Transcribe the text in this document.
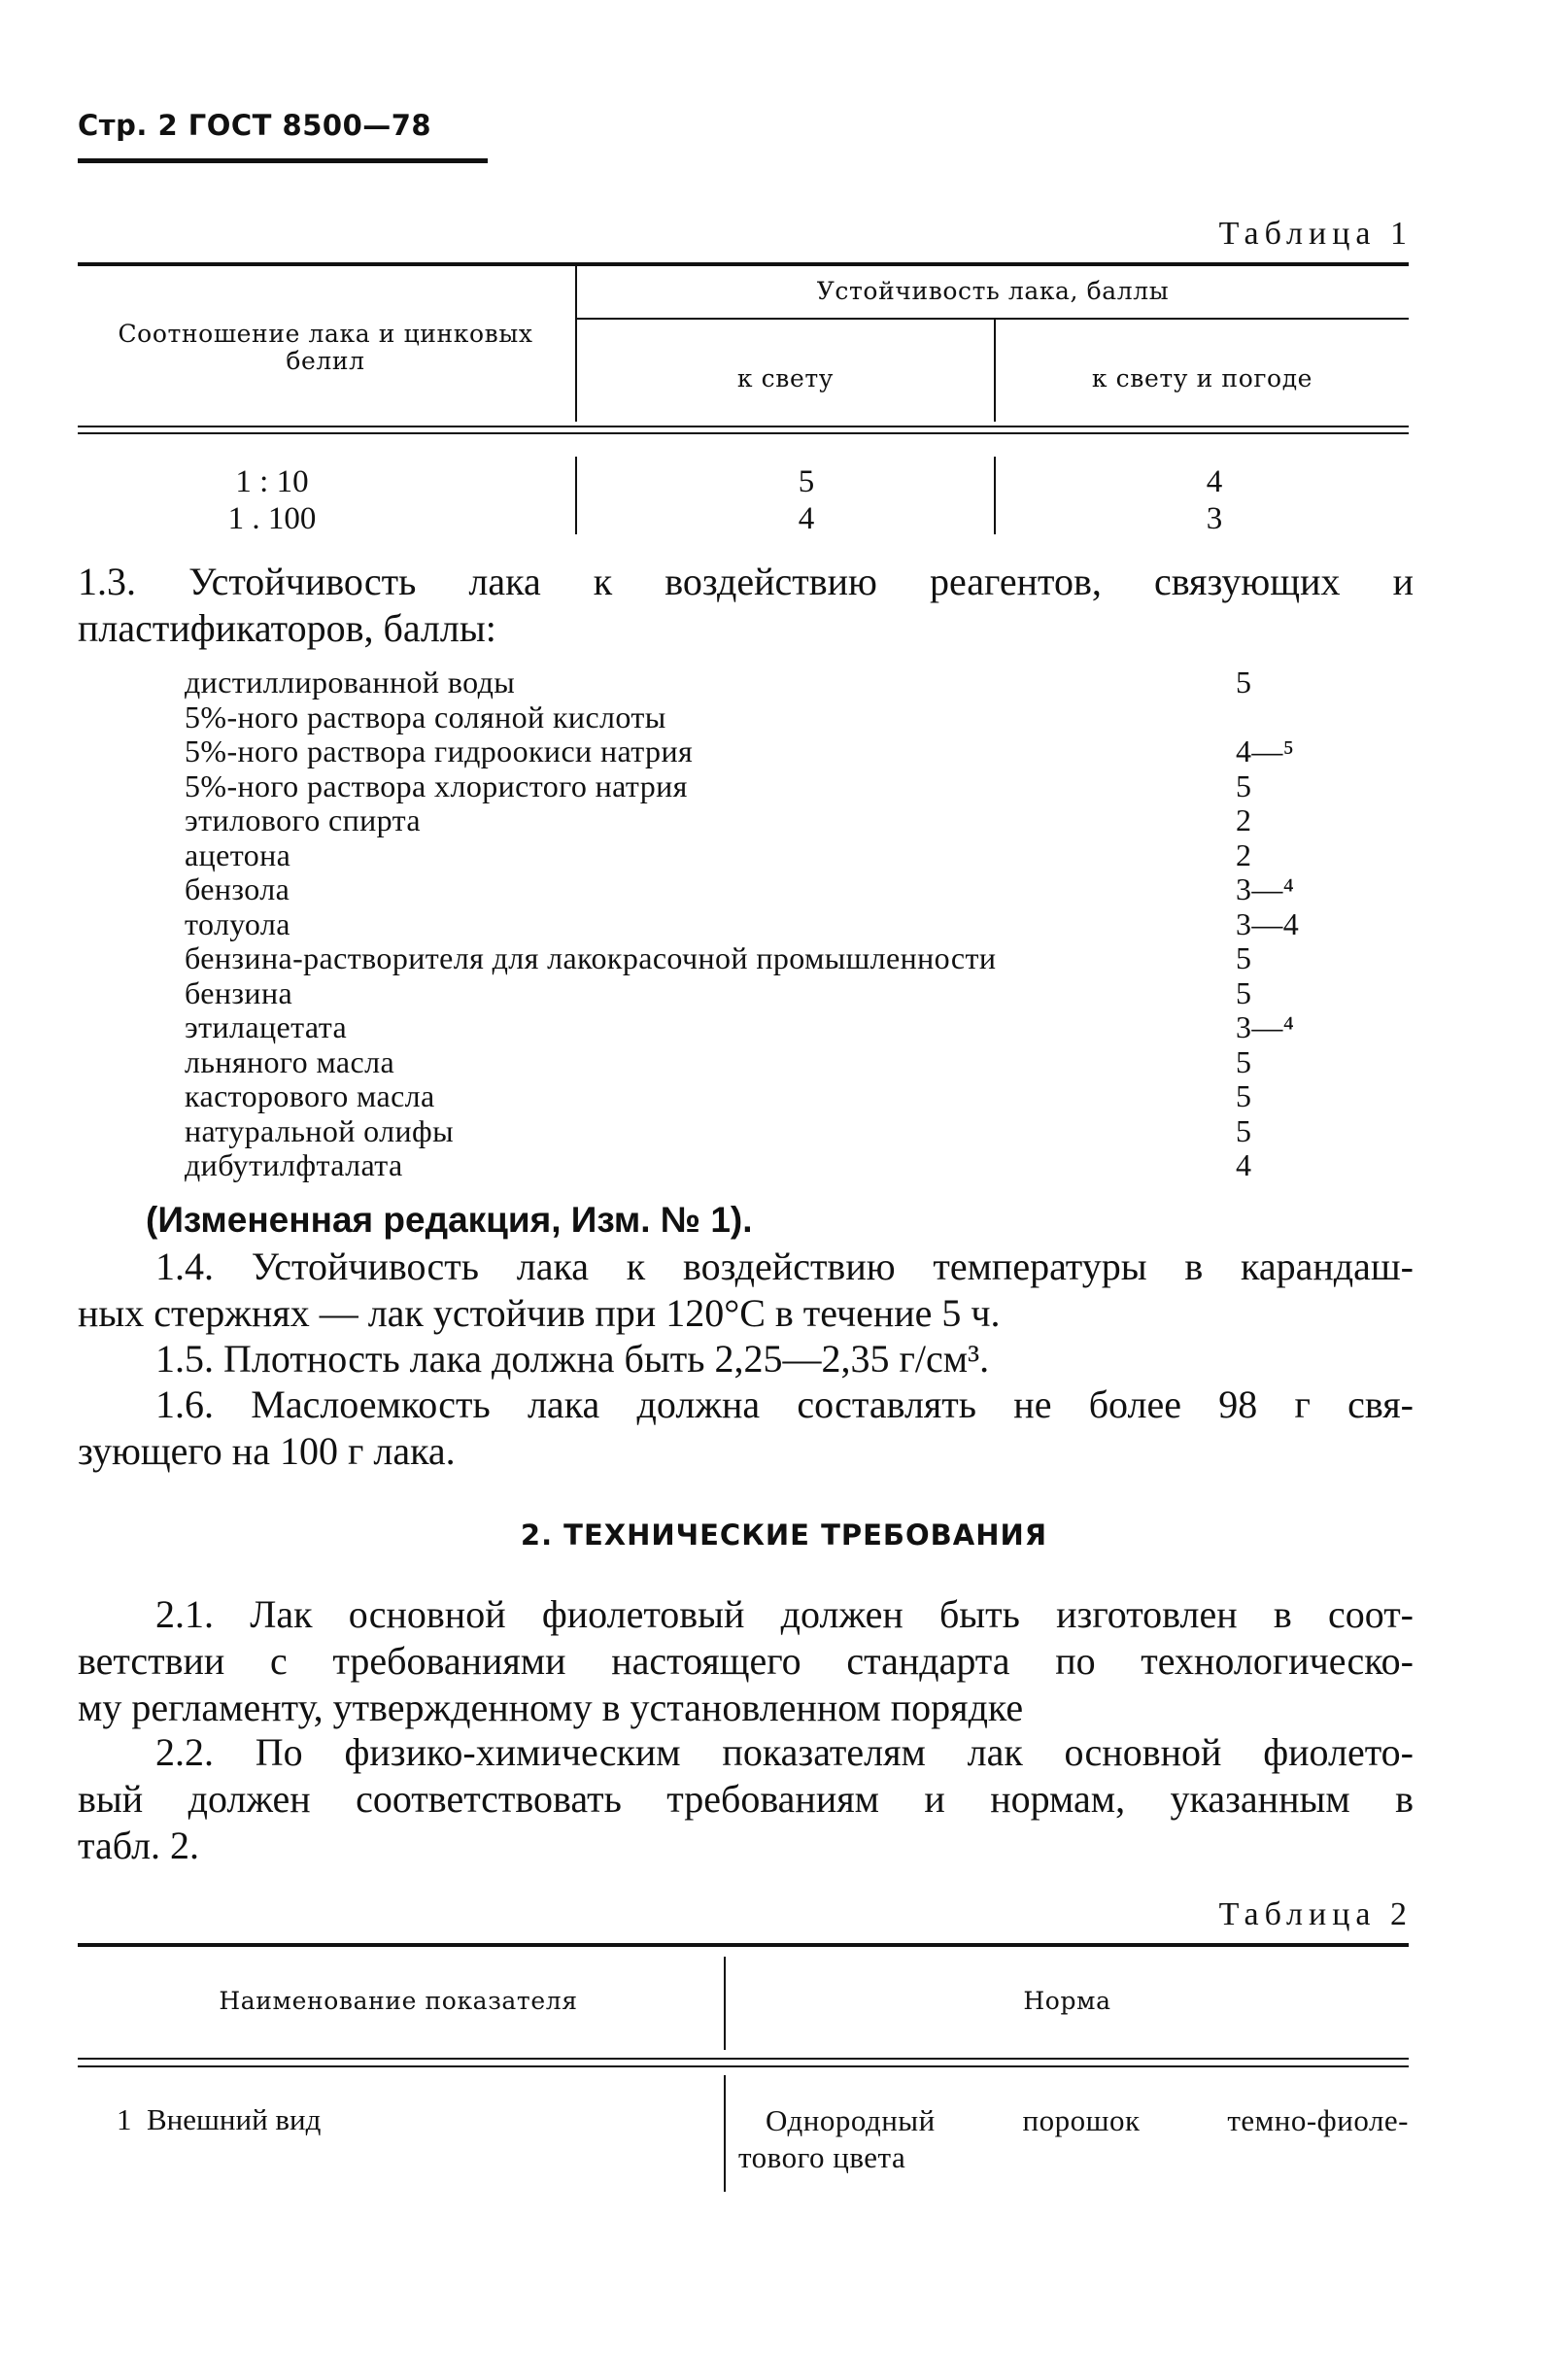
Стр. 2 ГОСТ 8500—78
Таблица 1
Соотношение лака и цинковых белил
Устойчивость лака, баллы
к свету	к свету и погоде
1 : 10	5	4
1 . 100	4	3
1.3. Устойчивость лака к воздействию реагентов, связующих и
пластификаторов, баллы:
дистиллированной воды	5
5%-ного раствора соляной кислоты
5%-ного раствора гидроокиси натрия	4—⁵
5%-ного раствора хлористого натрия	5
этилового спирта	2
ацетона	2
бензола	3—⁴
толуола	3—4
бензина-растворителя для лакокрасочной промышленности	5
бензина	5
этилацетата	3—⁴
льняного масла	5
касторового масла	5
натуральной олифы	5
дибутилфталата	4
(Измененная редакция, Изм. № 1).
1.4. Устойчивость лака к воздействию температуры в карандаш-
ных стержнях — лак устойчив при 120°С в течение 5 ч.
1.5. Плотность лака должна быть 2,25—2,35 г/см³.
1.6. Маслоемкость лака должна составлять не более 98 г свя-
зующего на 100 г лака.
2. ТЕХНИЧЕСКИЕ ТРЕБОВАНИЯ
2.1. Лак основной фиолетовый должен быть изготовлен в соот-
ветствии с требованиями настоящего стандарта по технологическо-
му регламенту, утвержденному в установленном порядке
2.2. По физико-химическим показателям лак основной фиолето-
вый должен соответствовать требованиям и нормам, указанным в
табл. 2.
Таблица 2
Наименование показателя	Норма
1  Внешний вид	Однородный порошок темно-фиоле-
тового цвета
